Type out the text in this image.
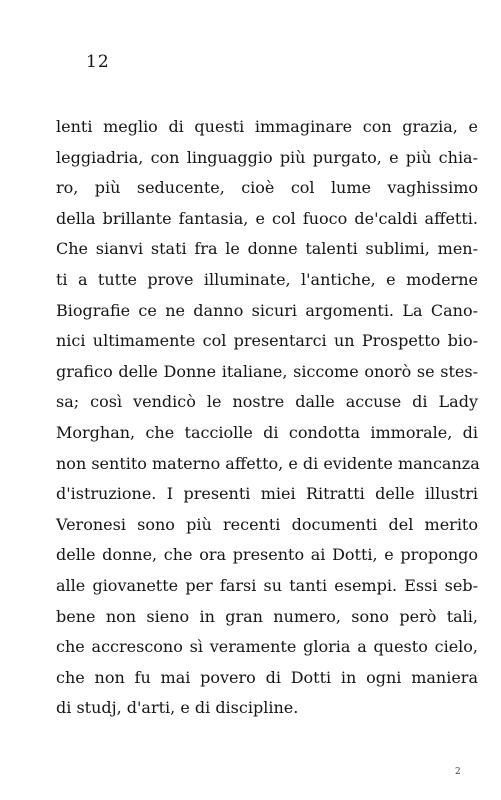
12
lenti meglio di questi immaginare con grazia, e
leggiadria, con linguaggio più purgato, e più chia-
ro, più seducente, cioè col lume vaghissimo
della brillante fantasia, e col fuoco de'caldi affetti.
Che sianvi stati fra le donne talenti sublimi, men-
ti a tutte prove illuminate, l'antiche, e moderne
Biografie ce ne danno sicuri argomenti. La Cano-
nici ultimamente col presentarci un Prospetto bio-
grafico delle Donne italiane, siccome onorò se stes-
sa; così vendicò le nostre dalle accuse di Lady
Morghan, che tacciolle di condotta immorale, di
non sentito materno affetto, e di evidente mancanza
d'istruzione. I presenti miei Ritratti delle illustri
Veronesi sono più recenti documenti del merito
delle donne, che ora presento ai Dotti, e propongo
alle giovanette per farsi su tanti esempi. Essi seb-
bene non sieno in gran numero, sono però tali,
che accrescono sì veramente gloria a questo cielo,
che non fu mai povero di Dotti in ogni maniera
di studj, d'arti, e di discipline.
2
